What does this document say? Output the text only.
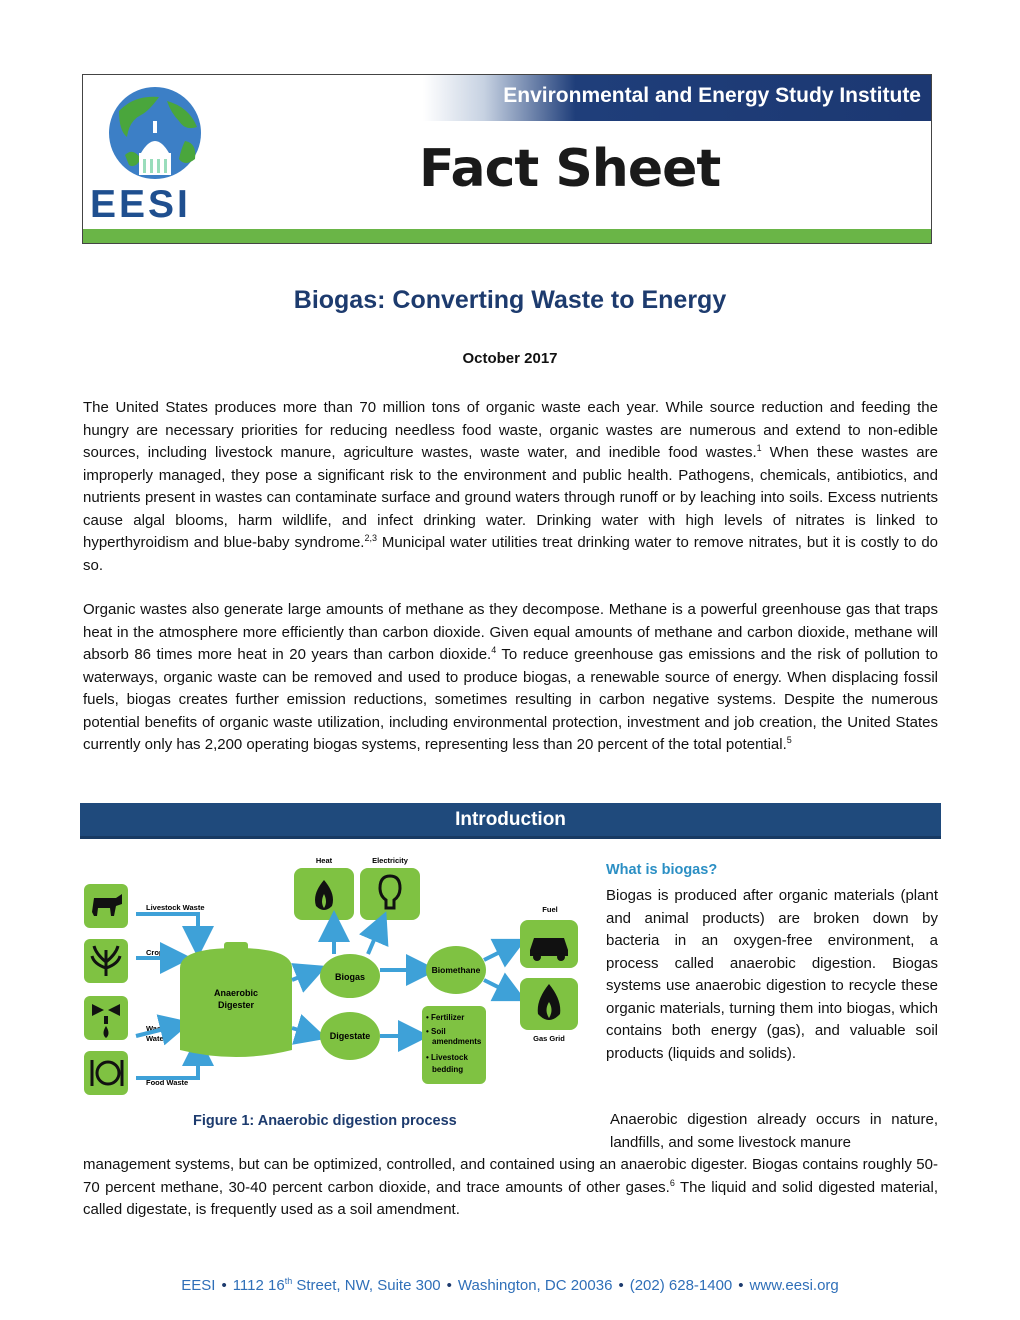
EESI
Environmental and Energy Study Institute
Fact Sheet
Biogas: Converting Waste to Energy
October 2017

The United States produces more than 70 million tons of organic waste each year. While source reduction and feeding the hungry are necessary priorities for reducing needless food waste, organic wastes are numerous and extend to non-edible sources, including livestock manure, agriculture wastes, waste water, and inedible food wastes.$^1$ When these wastes are improperly managed, they pose a significant risk to the environment and public health. Pathogens, chemicals, antibiotics, and nutrients present in wastes can contaminate surface and ground waters through runoff or by leaching into soils. Excess nutrients cause algal blooms, harm wildlife, and infect drinking water. Drinking water with high levels of nitrates is linked to hyperthyroidism and blue-baby syndrome.$^{2,3}$ Municipal water utilities treat drinking water to remove nitrates, but it is costly to do so.

Organic wastes also generate large amounts of methane as they decompose. Methane is a powerful greenhouse gas that traps heat in the atmosphere more efficiently than carbon dioxide. Given equal amounts of methane and carbon dioxide, methane will absorb 86 times more heat in 20 years than carbon dioxide.$^4$ To reduce greenhouse gas emissions and the risk of pollution to waterways, organic waste can be removed and used to produce biogas, a renewable source of energy. When displacing fossil fuels, biogas creates further emission reductions, sometimes resulting in carbon negative systems. Despite the numerous potential benefits of organic waste utilization, including environmental protection, investment and job creation, the United States currently only has 2,200 operating biogas systems, representing less than 20 percent of the total potential.$^5$

Introduction
Livestock Waste
Crops
Waste
Water
Food Waste
Anaerobic
Digester
Biogas
Digestate
Heat	Electricity
Biomethane
Fuel
Gas Grid
• Fertilizer
• Soil
amendments
• Livestock
bedding
Figure 1: Anaerobic digestion process
What is biogas?

Biogas is produced after organic materials (plant and animal products) are broken down by bacteria in an oxygen-free environment, a process called anaerobic digestion. Biogas systems use anaerobic digestion to recycle these organic materials, turning them into biogas, which contains both energy (gas), and valuable soil products (liquids and solids).

Anaerobic digestion already occurs in nature, landfills, and some livestock manure

management systems, but can be optimized, controlled, and contained using an anaerobic digester. Biogas contains roughly 50-70 percent methane, 30-40 percent carbon dioxide, and trace amounts of other gases.$^6$ The liquid and solid digested material, called digestate, is frequently used as a soil amendment.

EESI • 1112 16th Street, NW, Suite 300 • Washington, DC 20036 • (202) 628-1400 • www.eesi.org
